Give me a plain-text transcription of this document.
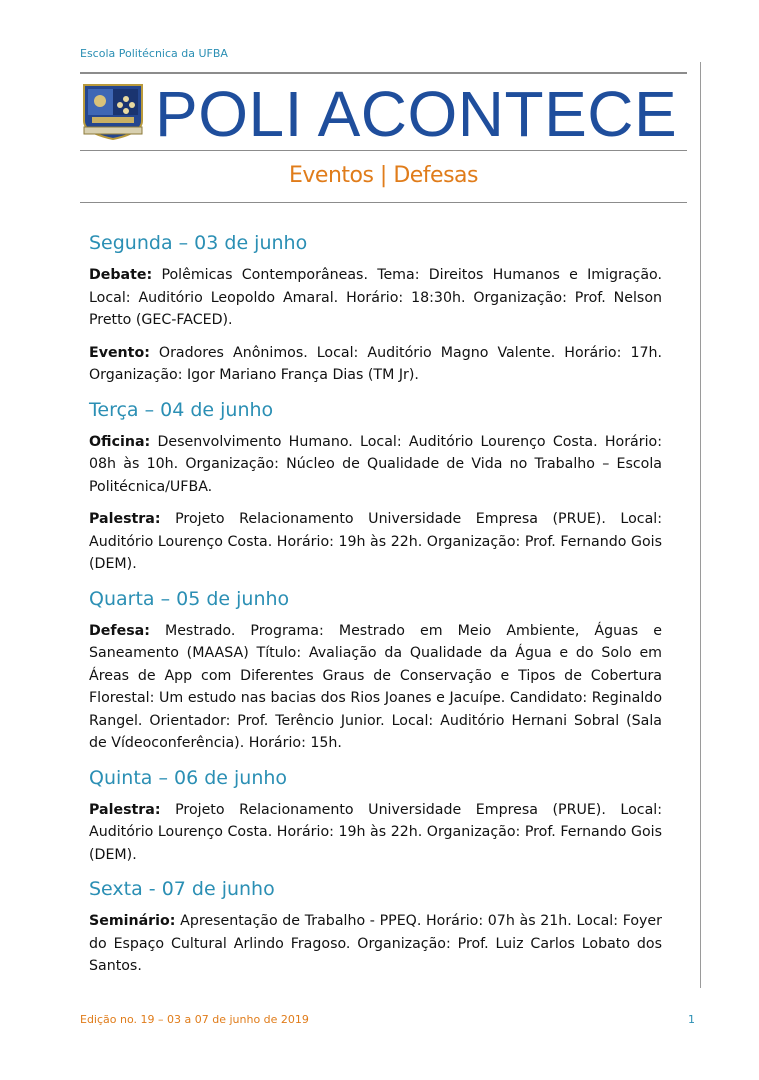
Escola Politécnica da UFBA
POLI ACONTECE
Eventos | Defesas
Segunda – 03 de junho

Debate: Polêmicas Contemporâneas. Tema: Direitos Humanos e Imigração. Local: Auditório Leopoldo Amaral. Horário: 18:30h. Organização: Prof. Nelson Pretto (GEC-FACED).

Evento: Oradores Anônimos. Local: Auditório Magno Valente. Horário: 17h. Organização: Igor Mariano França Dias (TM Jr).

Terça – 04 de junho

Oficina: Desenvolvimento Humano. Local: Auditório Lourenço Costa. Horário: 08h às 10h. Organização: Núcleo de Qualidade de Vida no Trabalho – Escola Politécnica/UFBA.

Palestra: Projeto Relacionamento Universidade Empresa (PRUE). Local: Auditório Lourenço Costa. Horário: 19h às 22h. Organização: Prof. Fernando Gois (DEM).

Quarta – 05 de junho

Defesa: Mestrado. Programa: Mestrado em Meio Ambiente, Águas e Saneamento (MAASA) Título: Avaliação da Qualidade da Água e do Solo em Áreas de App com Diferentes Graus de Conservação e Tipos de Cobertura Florestal: Um estudo nas bacias dos Rios Joanes e Jacuípe. Candidato: Reginaldo Rangel. Orientador: Prof. Terêncio Junior. Local: Auditório Hernani Sobral (Sala de Vídeoconferência). Horário: 15h.

Quinta – 06 de junho

Palestra: Projeto Relacionamento Universidade Empresa (PRUE). Local: Auditório Lourenço Costa. Horário: 19h às 22h. Organização: Prof. Fernando Gois (DEM).

Sexta - 07 de junho

Seminário: Apresentação de Trabalho - PPEQ. Horário: 07h às 21h. Local: Foyer do Espaço Cultural Arlindo Fragoso. Organização: Prof. Luiz Carlos Lobato dos Santos.

Edição no. 19 – 03 a 07 de junho de 2019	1
